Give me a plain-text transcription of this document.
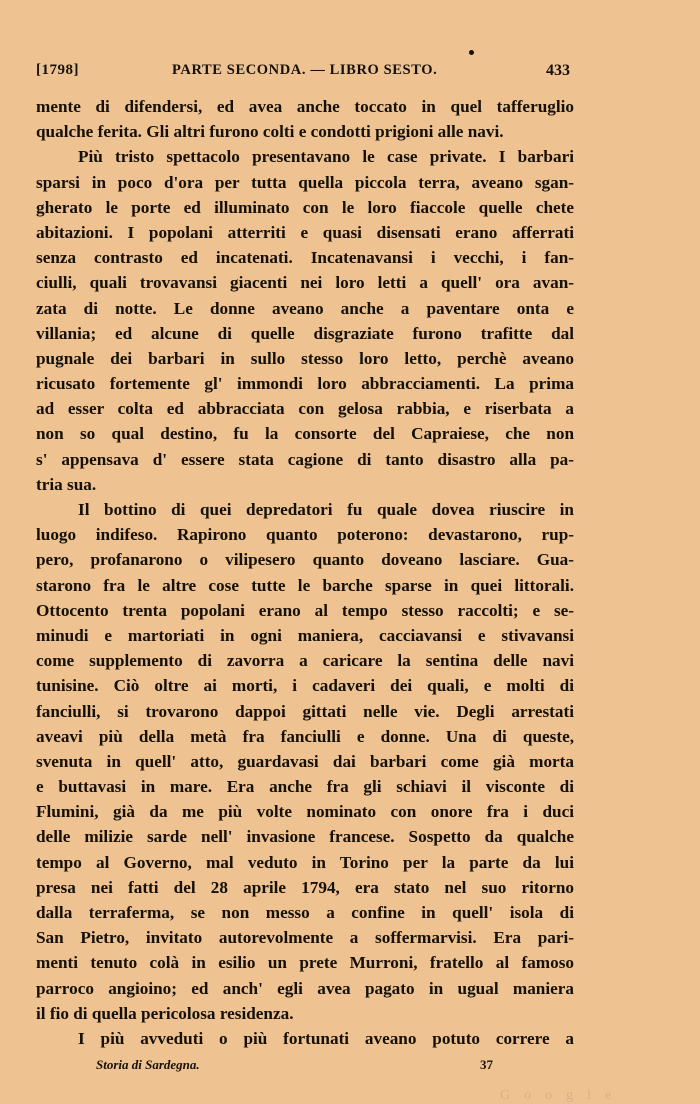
[1798]	PARTE SECONDA. — LIBRO SESTO.	433
mente di difendersi, ed avea anche toccato in quel tafferuglio
qualche ferita. Gli altri furono colti e condotti prigioni alle navi.
Più tristo spettacolo presentavano le case private. I barbari
sparsi in poco d'ora per tutta quella piccola terra, aveano sgan-
gherato le porte ed illuminato con le loro fiaccole quelle chete
abitazioni. I popolani atterriti e quasi disensati erano afferrati
senza contrasto ed incatenati. Incatenavansi i vecchi, i fan-
ciulli, quali trovavansi giacenti nei loro letti a quell' ora avan-
zata di notte. Le donne aveano anche a paventare onta e
villania; ed alcune di quelle disgraziate furono trafitte dal
pugnale dei barbari in sullo stesso loro letto, perchè aveano
ricusato fortemente gl' immondi loro abbracciamenti. La prima
ad esser colta ed abbracciata con gelosa rabbia, e riserbata a
non so qual destino, fu la consorte del Capraiese, che non
s' appensava d' essere stata cagione di tanto disastro alla pa-
tria sua.
Il bottino di quei depredatori fu quale dovea riuscire in
luogo indifeso. Rapirono quanto poterono: devastarono, rup-
pero, profanarono o vilipesero quanto doveano lasciare. Gua-
starono fra le altre cose tutte le barche sparse in quei littorali.
Ottocento trenta popolani erano al tempo stesso raccolti; e se-
minudi e martoriati in ogni maniera, cacciavansi e stivavansi
come supplemento di zavorra a caricare la sentina delle navi
tunisine. Ciò oltre ai morti, i cadaveri dei quali, e molti di
fanciulli, si trovarono dappoi gittati nelle vie. Degli arrestati
aveavi più della metà fra fanciulli e donne. Una di queste,
svenuta in quell' atto, guardavasi dai barbari come già morta
e buttavasi in mare. Era anche fra gli schiavi il visconte di
Flumini, già da me più volte nominato con onore fra i duci
delle milizie sarde nell' invasione francese. Sospetto da qualche
tempo al Governo, mal veduto in Torino per la parte da lui
presa nei fatti del 28 aprile 1794, era stato nel suo ritorno
dalla terraferma, se non messo a confine in quell' isola di
San Pietro, invitato autorevolmente a soffermarvisi. Era pari-
menti tenuto colà in esilio un prete Murroni, fratello al famoso
parroco angioino; ed anch' egli avea pagato in ugual maniera
il fio di quella pericolosa residenza.
I più avveduti o più fortunati aveano potuto correre a
Storia di Sardegna.	37
Google
